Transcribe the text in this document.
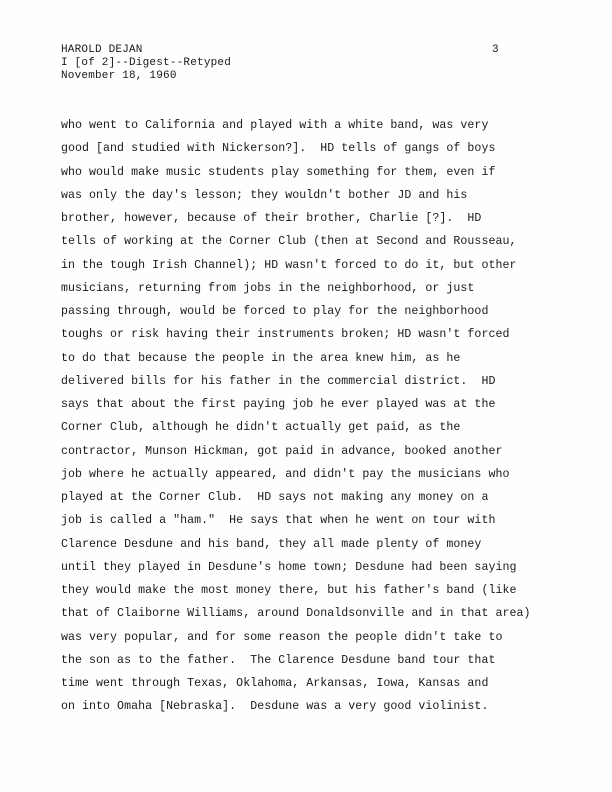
HAROLD DEJAN
I [of 2]--Digest--Retyped
November 18, 1960
3
who went to California and played with a white band, was very
good [and studied with Nickerson?].  HD tells of gangs of boys
who would make music students play something for them, even if
was only the day's lesson; they wouldn't bother JD and his
brother, however, because of their brother, Charlie [?].  HD
tells of working at the Corner Club (then at Second and Rousseau,
in the tough Irish Channel); HD wasn't forced to do it, but other
musicians, returning from jobs in the neighborhood, or just
passing through, would be forced to play for the neighborhood
toughs or risk having their instruments broken; HD wasn't forced
to do that because the people in the area knew him, as he
delivered bills for his father in the commercial district.  HD
says that about the first paying job he ever played was at the
Corner Club, although he didn't actually get paid, as the
contractor, Munson Hickman, got paid in advance, booked another
job where he actually appeared, and didn't pay the musicians who
played at the Corner Club.  HD says not making any money on a
job is called a "ham."  He says that when he went on tour with
Clarence Desdune and his band, they all made plenty of money
until they played in Desdune's home town; Desdune had been saying
they would make the most money there, but his father's band (like
that of Claiborne Williams, around Donaldsonville and in that area)
was very popular, and for some reason the people didn't take to
the son as to the father.  The Clarence Desdune band tour that
time went through Texas, Oklahoma, Arkansas, Iowa, Kansas and
on into Omaha [Nebraska].  Desdune was a very good violinist.
